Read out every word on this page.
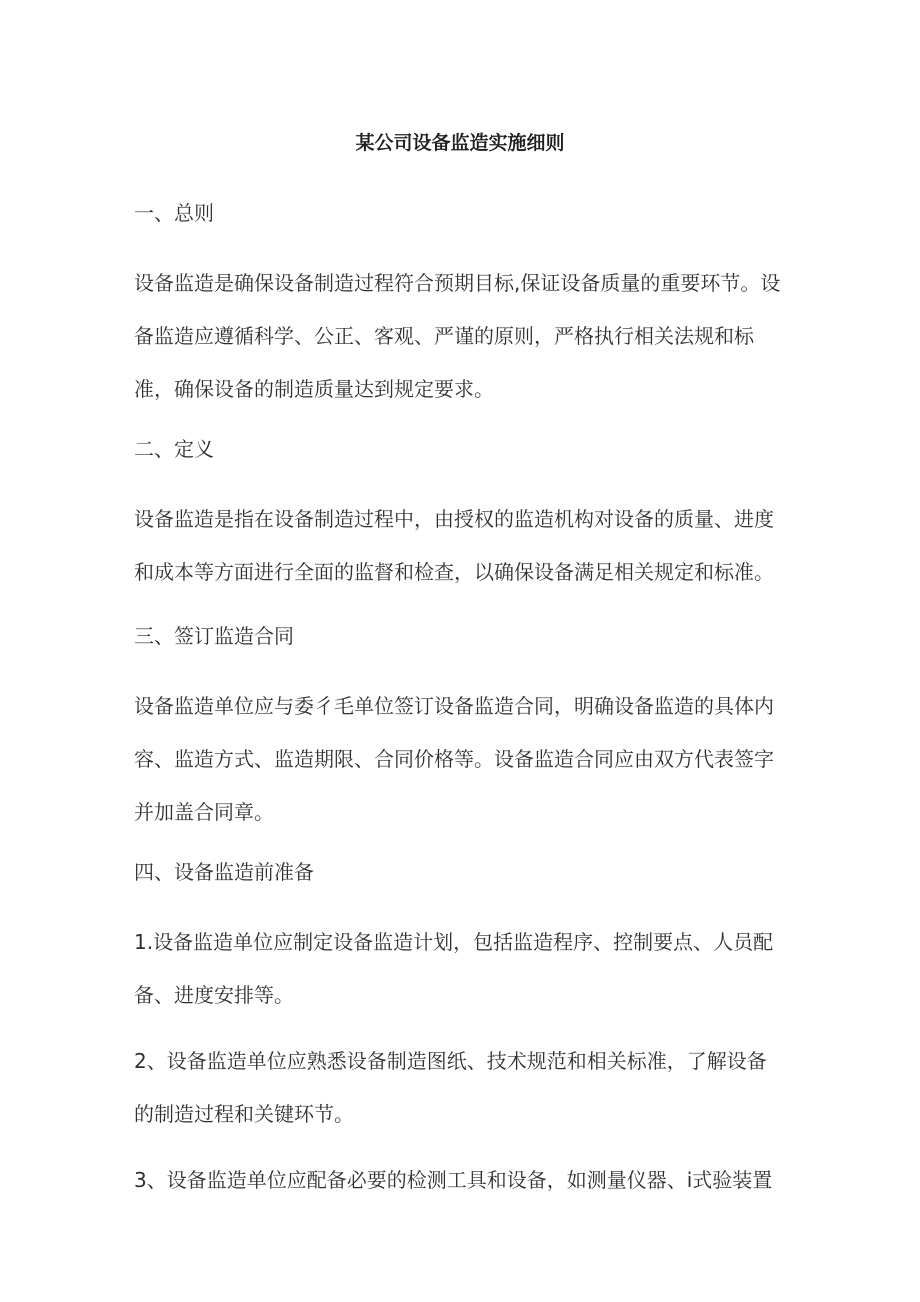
某公司设备监造实施细则
一、总则
设备监造是确保设备制造过程符合预期目标,保证设备质量的重要环节。设
备监造应遵循科学、公正、客观、严谨的原则，严格执行相关法规和标
准，确保设备的制造质量达到规定要求。
二、定义
设备监造是指在设备制造过程中，由授权的监造机构对设备的质量、进度
和成本等方面进行全面的监督和检查，以确保设备满足相关规定和标准。
三、签订监造合同
设备监造单位应与委彳毛单位签订设备监造合同，明确设备监造的具体内
容、监造方式、监造期限、合同价格等。设备监造合同应由双方代表签字
并加盖合同章。
四、设备监造前准备
1.设备监造单位应制定设备监造计划，包括监造程序、控制要点、人员配
备、进度安排等。
2、设备监造单位应熟悉设备制造图纸、技术规范和相关标准，了解设备
的制造过程和关键环节。
3、设备监造单位应配备必要的检测工具和设备，如测量仪器、i式验装置
